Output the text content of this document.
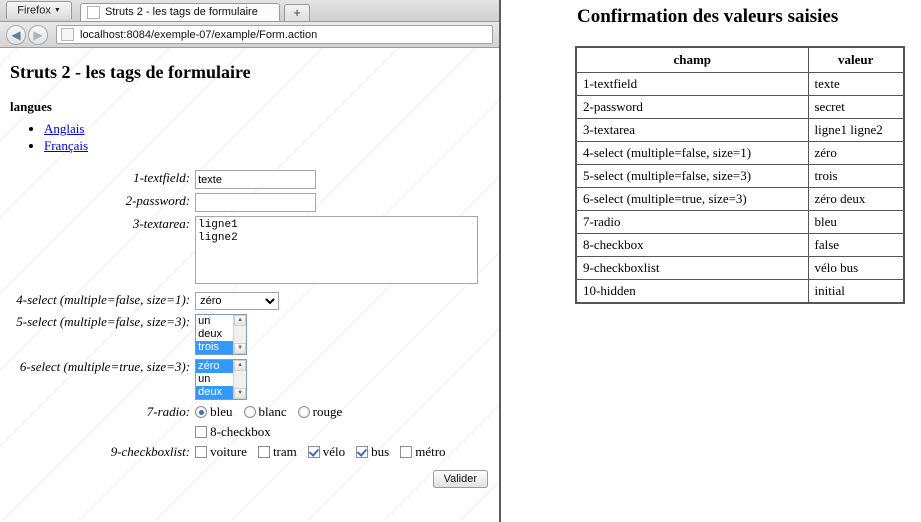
Firefox ▼	Struts 2 - les tags de formulaire	+
◀	▶	localhost:8084/exemple-07/example/Form.action
Struts 2 - les tags de formulaire
langues
• Anglais
• Français
1-textfield:	texte
2-password:	
3-textarea:	ligne1 ligne2
4-select (multiple=false, size=1):	
zéro
5-select (multiple=false, size=3):	un
deux
trois
▲
▼

6-select (multiple=true, size=3):	zéro
un
deux
▲
▼

7-radio:	bleu blanc rouge

	8-checkbox

9-checkboxlist:	voiture tram vélo bus métro

	Valider
Confirmation des valeurs saisies
champ	valeur
1-textfield	texte
2-password	secret
3-textarea	ligne1 ligne2
4-select (multiple=false, size=1)	zéro
5-select (multiple=false, size=3)	trois
6-select (multiple=true, size=3)	zéro deux
7-radio	bleu
8-checkbox	false
9-checkboxlist	vélo bus
10-hidden	initial
